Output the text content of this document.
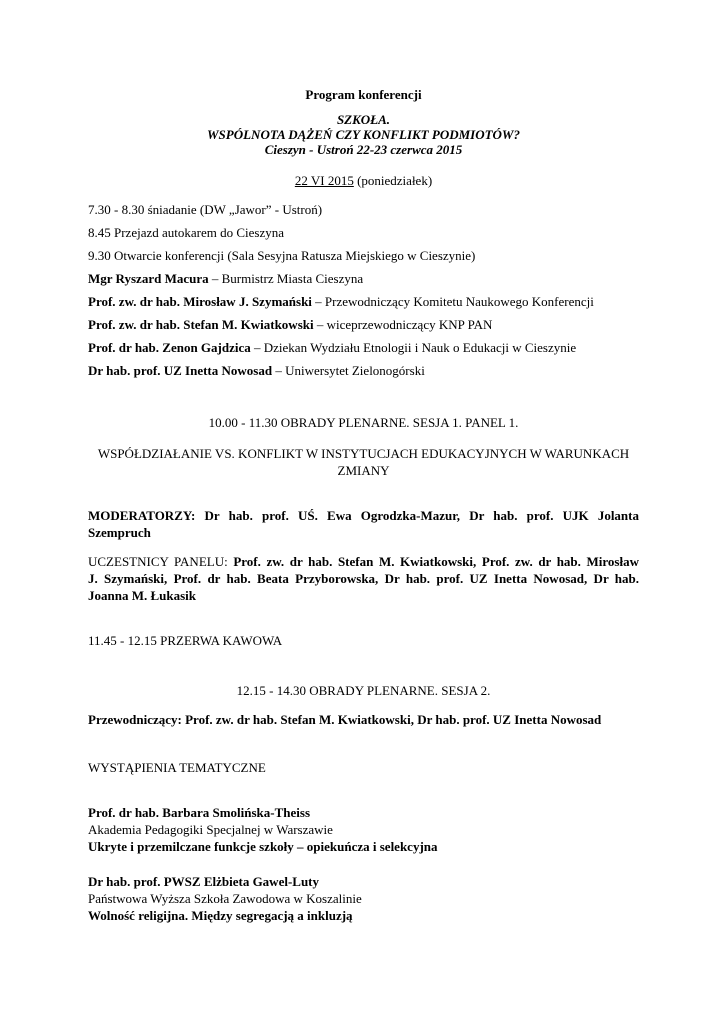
Program konferencji
SZKOŁA.
WSPÓLNOTA DĄŻEŃ CZY KONFLIKT PODMIOTÓW?
Cieszyn - Ustroń 22-23 czerwca 2015
22 VI 2015 (poniedziałek)
7.30 - 8.30 śniadanie (DW „Jawor” - Ustroń)
8.45 Przejazd autokarem do Cieszyna
9.30 Otwarcie konferencji (Sala Sesyjna Ratusza Miejskiego w Cieszynie)
Mgr Ryszard Macura – Burmistrz Miasta Cieszyna
Prof. zw. dr hab. Mirosław J. Szymański – Przewodniczący Komitetu Naukowego Konferencji
Prof. zw. dr hab. Stefan M. Kwiatkowski – wiceprzewodniczący KNP PAN
Prof. dr hab. Zenon Gajdzica – Dziekan Wydziału Etnologii i Nauk o Edukacji w Cieszynie
Dr hab. prof. UZ Inetta Nowosad – Uniwersytet Zielonogórski
10.00 - 11.30 OBRADY PLENARNE. SESJA 1. PANEL 1.
WSPÓŁDZIAŁANIE VS. KONFLIKT W INSTYTUCJACH EDUKACYJNYCH W WARUNKACH
ZMIANY
MODERATORZY: Dr hab. prof. UŚ. Ewa Ogrodzka-Mazur, Dr hab. prof. UJK Jolanta
Szempruch
UCZESTNICY PANELU: Prof. zw. dr hab. Stefan M. Kwiatkowski, Prof. zw. dr hab. Mirosław
J. Szymański, Prof. dr hab. Beata Przyborowska, Dr hab. prof. UZ Inetta Nowosad, Dr hab.
Joanna M. Łukasik
11.45 - 12.15 PRZERWA KAWOWA
12.15 - 14.30 OBRADY PLENARNE. SESJA 2.
Przewodniczący: Prof. zw. dr hab. Stefan M. Kwiatkowski, Dr hab. prof. UZ Inetta Nowosad
WYSTĄPIENIA TEMATYCZNE
Prof. dr hab. Barbara Smolińska-Theiss
Akademia Pedagogiki Specjalnej w Warszawie
Ukryte i przemilczane funkcje szkoły – opiekuńcza i selekcyjna
Dr hab. prof. PWSZ Elżbieta Gawel-Luty
Państwowa Wyższa Szkoła Zawodowa w Koszalinie
Wolność religijna. Między segregacją a inkluzją
